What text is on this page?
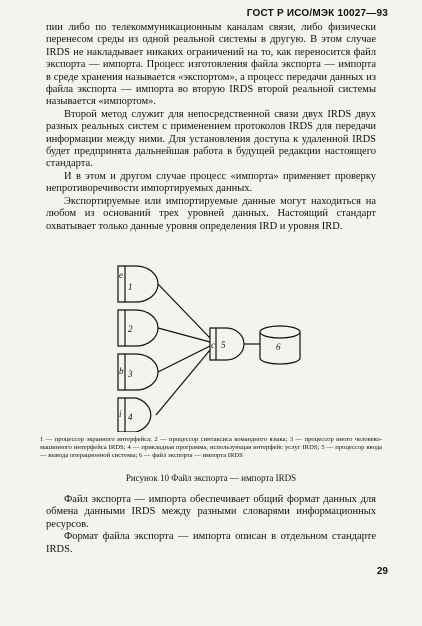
ГОСТ Р ИСО/МЭК 10027—93

пии либо по телекоммуникационным каналам связи, либо физически перенесом среды из одной реальной системы в другую. В этом случае IRDS не накладывает никаких ограничений на то, как переносится файл экспорта — импорта. Процесс изготовления файла экспорта — импорта в среде хранения называется «экспортом», а процесс передачи данных из файла экспорта — импорта во вторую IRDS второй реальной системы называется «импортом».

Второй метод служит для непосредственной связи двух IRDS двух разных реальных систем с применением протоколов IRDS для передачи информации между ними. Для установления доступа к удаленной IRDS будет предпринята дальнейшая работа в будущей редакции настоящего стандарта.

И в этом и другом случае процесс «импорта» применяет проверку непротиворечивости импортируемых данных.

Экспортируемые или импортируемые данные могут находиться на любом из оснований трех уровней данных. Настоящий стандарт охватывает только данные уровня определения IRD и уровня IRD.

e
1
2
b 3
i 4
c 5	6
1 — процессор экранного интерфейса; 2 — процессор синтаксиса командного языка; 3 — процессор иного человеко-машинного интерфейса IRDS; 4 — прикладная программа, использующая интерфейс услуг IRDS; 5 — процессор ввода — вывода операционной системы; 6 — файл экспорта — импорта IRDS
Рисунок 10 Файл экспорта — импорта IRDS

Файл экспорта — импорта обеспечивает общий формат данных для обмена данными IRDS между разными словарями информационных ресурсов.

Формат файла экспорта — импорта описан в отдельном стандарте IRDS.

29
